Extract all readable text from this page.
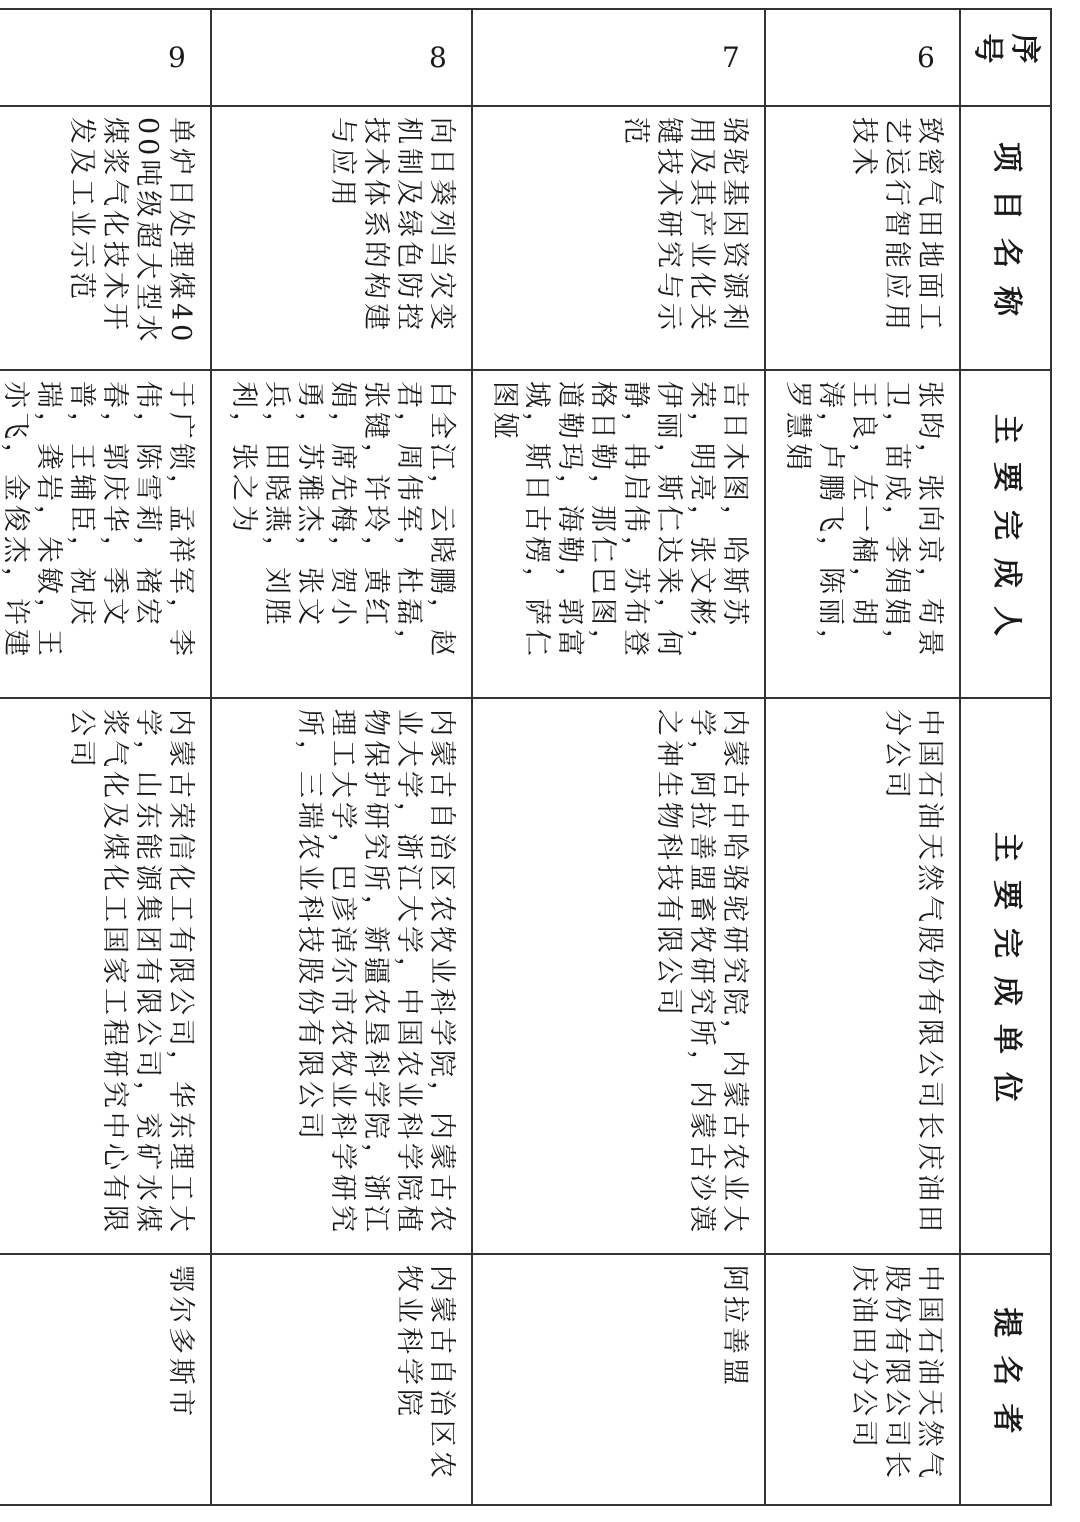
序号	项目名称	主要完成人	主要完成单位	提名者
6	致密气田地面工艺运行智能应用技术	张昀，张向京，苟景卫，苗成，李娟娟，王良，左一楠，胡涛，卢鹏飞，陈丽，罗慧娟	中国石油天然气股份有限公司长庆油田分公司	中国石油天然气股份有限公司长庆油田分公司
7	骆驼基因资源利用及其产业化关键技术研究与示范	吉日木图，哈斯苏荣，明亮，张文彬，伊丽，斯仁达来，何静，冉启伟，苏布登格日勒，那仁巴图，道勒玛，海勒，郭富城，斯日古楞，萨仁图娅	内蒙古中哈骆驼研究院，内蒙古农业大学，阿拉善盟畜牧研究所，内蒙古沙漠之神生物科技有限公司	阿拉善盟
8	向日葵列当灾变机制及绿色防控技术体系的构建与应用	白全江，云晓鹏，赵君，周伟军，杜磊，张键，许玲，黄红娟，席先梅，贺小勇，苏雅杰，张文兵，田晓燕，刘胜利，张之为	内蒙古自治区农牧业科学院，内蒙古农业大学，浙江大学，中国农业科学院植物保护研究所，新疆农垦科学院，浙江理工大学，巴彦淖尔市农牧业科学研究所，三瑞农业科技股份有限公司	内蒙古自治区农牧业科学院
9	单炉日处理煤4000吨级超大型水煤浆气化技术开发及工业示范	于广锁，孟祥军，李伟，陈雪莉，褚宏春，郭庆华，季文普，王辅臣，祝庆瑞，龚岩，朱敏，王亦飞，金俊杰，许建	内蒙古荣信化工有限公司，华东理工大学，山东能源集团有限公司，兖矿水煤浆气化及煤化工国家工程研究中心有限公司	鄂尔多斯市
